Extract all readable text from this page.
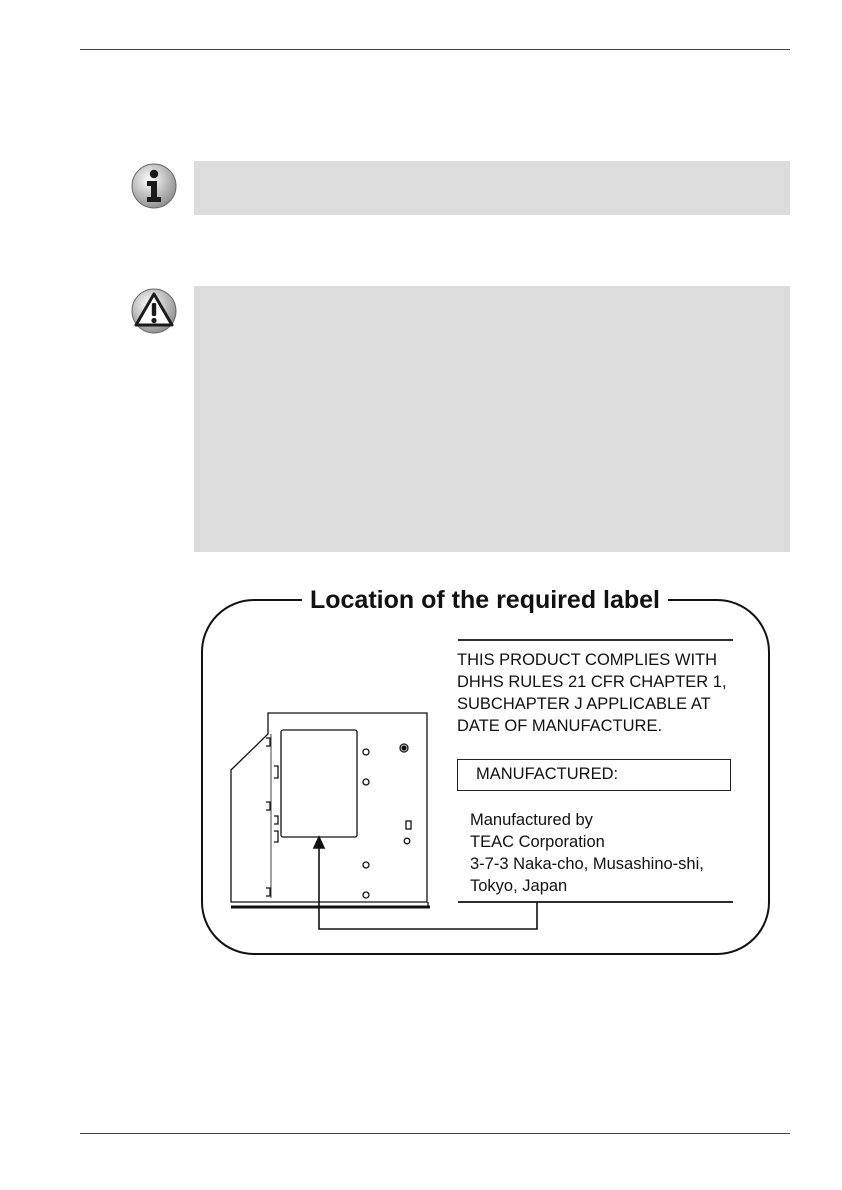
Location of the required label
THIS PRODUCT COMPLIES WITH
DHHS RULES 21 CFR CHAPTER 1,
SUBCHAPTER J APPLICABLE AT
DATE OF MANUFACTURE.
MANUFACTURED:
Manufactured by
TEAC Corporation
3-7-3 Naka-cho, Musashino-shi,
Tokyo, Japan
